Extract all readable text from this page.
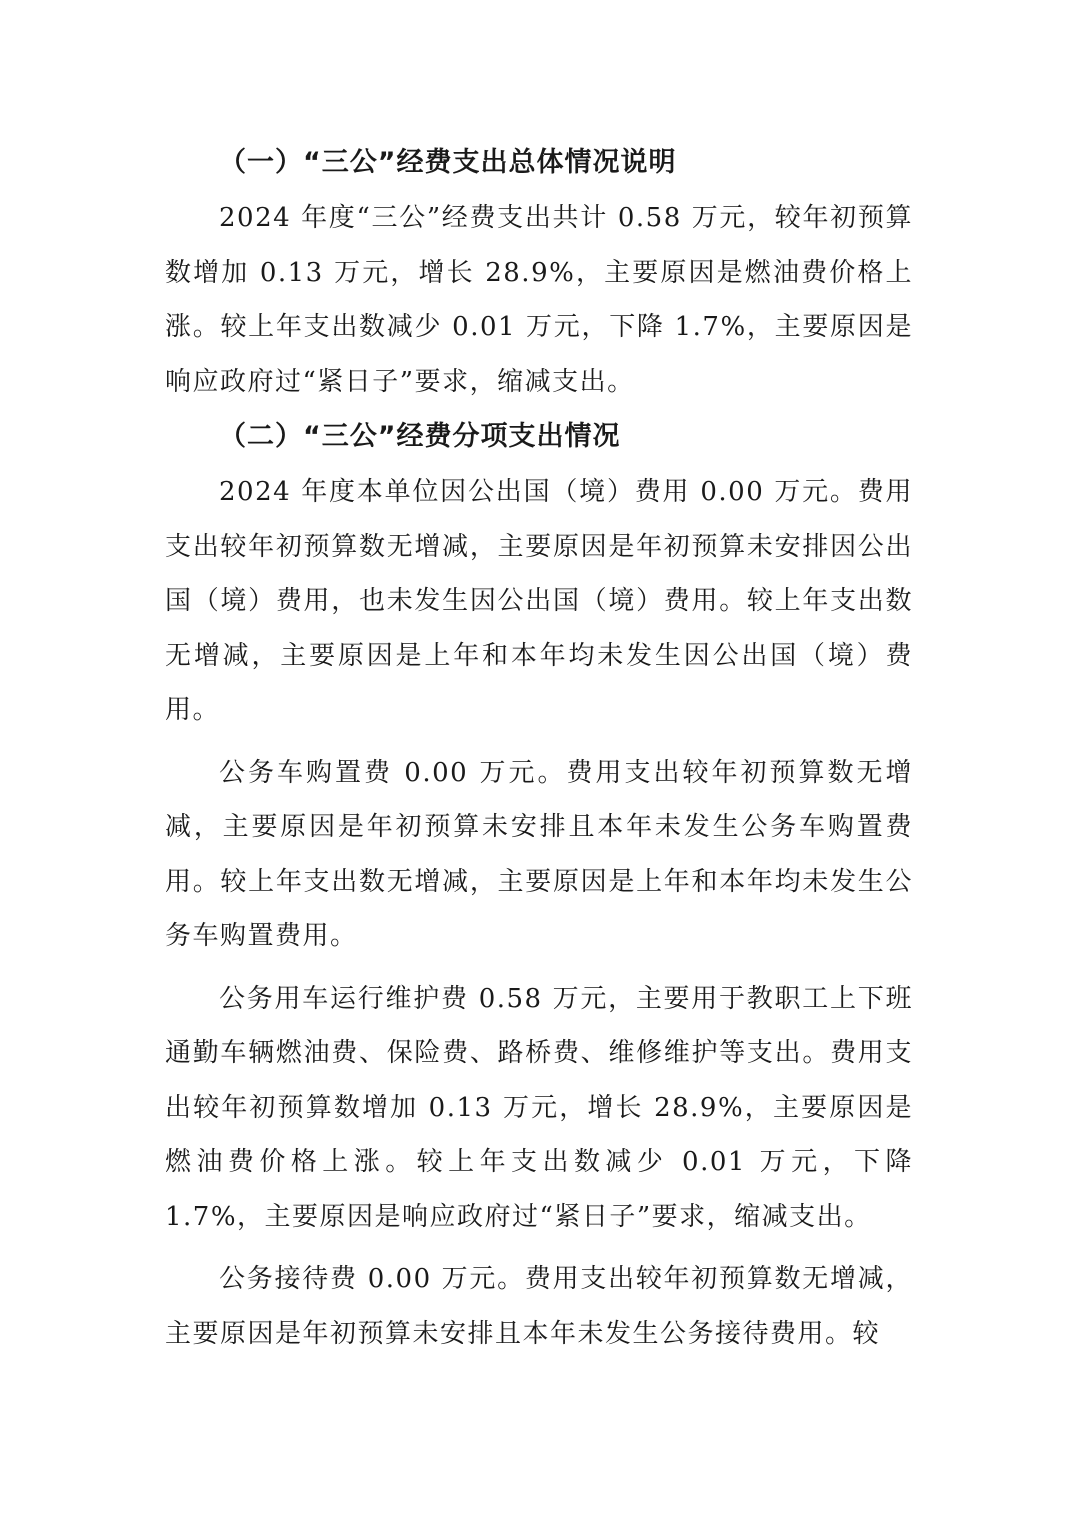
（一）“三公”经费支出总体情况说明

2024 年度“三公”经费支出共计 0.58 万元，较年初预算数增加 0.13 万元，增长 28.9%，主要原因是燃油费价格上涨。较上年支出数减少 0.01 万元，下降 1.7%，主要原因是响应政府过“紧日子”要求，缩减支出。

（二）“三公”经费分项支出情况

2024 年度本单位因公出国（境）费用 0.00 万元。费用支出较年初预算数无增减，主要原因是年初预算未安排因公出国（境）费用，也未发生因公出国（境）费用。较上年支出数无增减，主要原因是上年和本年均未发生因公出国（境）费用。

公务车购置费 0.00 万元。费用支出较年初预算数无增减，主要原因是年初预算未安排且本年未发生公务车购置费用。较上年支出数无增减，主要原因是上年和本年均未发生公务车购置费用。

公务用车运行维护费 0.58 万元，主要用于教职工上下班通勤车辆燃油费、保险费、路桥费、维修维护等支出。费用支出较年初预算数增加 0.13 万元，增长 28.9%，主要原因是燃油费价格上涨。较上年支出数减少 0.01 万元，下降 1.7%，主要原因是响应政府过“紧日子”要求，缩减支出。

公务接待费 0.00 万元。费用支出较年初预算数无增减，主要原因是年初预算未安排且本年未发生公务接待费用。较
